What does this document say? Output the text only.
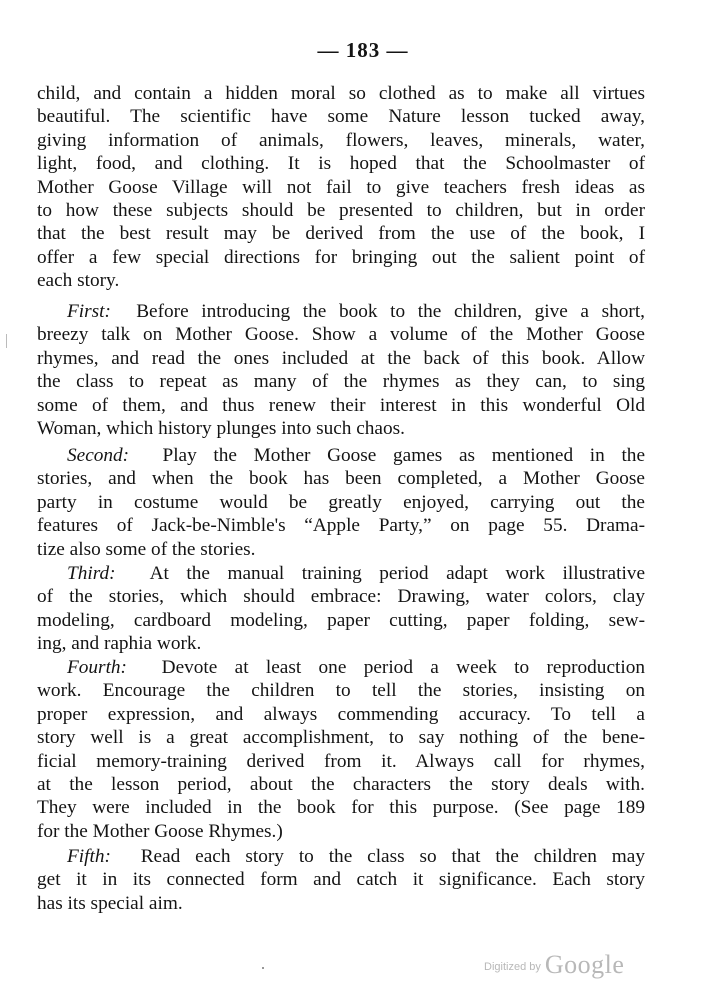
— 183 —
child, and contain a hidden moral so clothed as to make all virtues
beautiful. The scientific have some Nature lesson tucked away,
giving information of animals, flowers, leaves, minerals, water,
light, food, and clothing. It is hoped that the Schoolmaster of
Mother Goose Village will not fail to give teachers fresh ideas as
to how these subjects should be presented to children, but in order
that the best result may be derived from the use of the book, I
offer a few special directions for bringing out the salient point of
each story.
First: Before introducing the book to the children, give a short,
breezy talk on Mother Goose. Show a volume of the Mother Goose
rhymes, and read the ones included at the back of this book. Allow
the class to repeat as many of the rhymes as they can, to sing
some of them, and thus renew their interest in this wonderful Old
Woman, which history plunges into such chaos.
Second: Play the Mother Goose games as mentioned in the
stories, and when the book has been completed, a Mother Goose
party in costume would be greatly enjoyed, carrying out the
features of Jack-be-Nimble's “Apple Party,” on page 55. Drama-
tize also some of the stories.
Third: At the manual training period adapt work illustrative
of the stories, which should embrace: Drawing, water colors, clay
modeling, cardboard modeling, paper cutting, paper folding, sew-
ing, and raphia work.
Fourth: Devote at least one period a week to reproduction
work. Encourage the children to tell the stories, insisting on
proper expression, and always commending accuracy. To tell a
story well is a great accomplishment, to say nothing of the bene-
ficial memory-training derived from it. Always call for rhymes,
at the lesson period, about the characters the story deals with.
They were included in the book for this purpose. (See page 189
for the Mother Goose Rhymes.)
Fifth: Read each story to the class so that the children may
get it in its connected form and catch it significance. Each story
has its special aim.
Digitized by Google
